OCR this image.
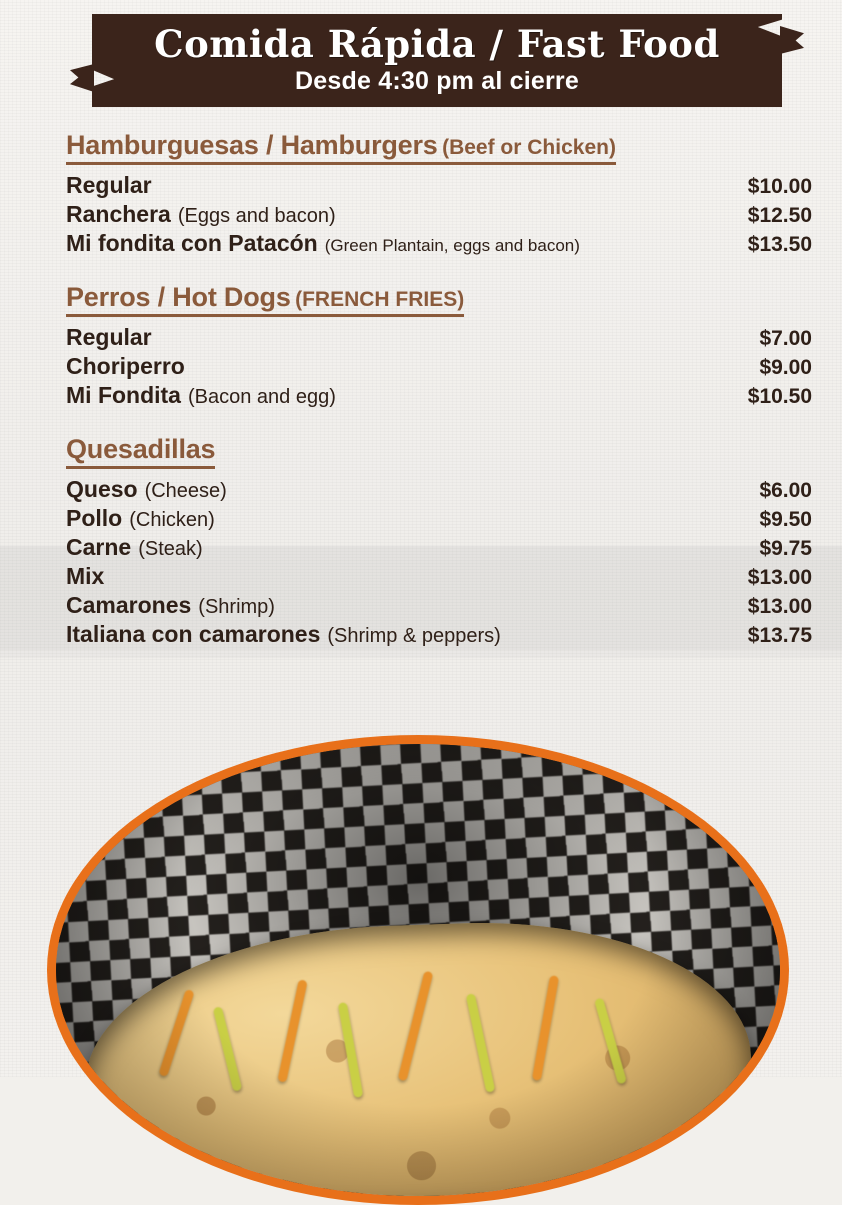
Comida Rápida / Fast Food
Desde 4:30 pm al cierre
Hamburguesas / Hamburgers (Beef or Chicken)
Regular	$10.00
Ranchera (Eggs and bacon)	$12.50
Mi fondita con Patacón (Green Plantain, eggs and bacon)	$13.50
Perros / Hot Dogs (FRENCH FRIES)
Regular	$7.00
Choriperro	$9.00
Mi Fondita (Bacon and egg)	$10.50
Quesadillas
Queso (Cheese)	$6.00
Pollo (Chicken)	$9.50
Carne (Steak)	$9.75
Mix	$13.00
Camarones (Shrimp)	$13.00
Italiana con camarones (Shrimp & peppers)	$13.75
